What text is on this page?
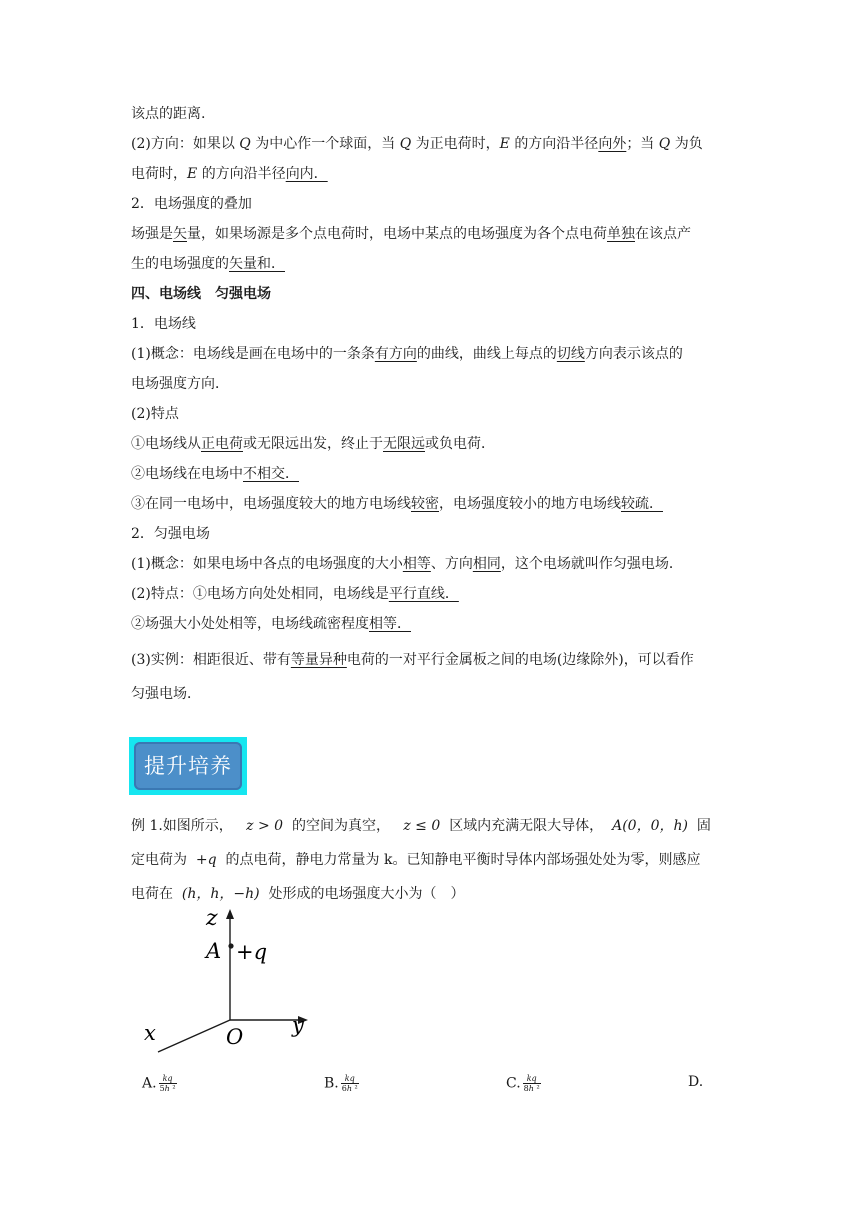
该点的距离.
(2)方向：如果以 Q 为中心作一个球面，当 Q 为正电荷时，E 的方向沿半径向外；当 Q 为负
电荷时，E 的方向沿半径向内．
2．电场强度的叠加
场强是矢量，如果场源是多个点电荷时，电场中某点的电场强度为各个点电荷单独在该点产
生的电场强度的矢量和．
四、电场线　匀强电场
1．电场线
(1)概念：电场线是画在电场中的一条条有方向的曲线，曲线上每点的切线方向表示该点的
电场强度方向．
(2)特点
①电场线从正电荷或无限远出发，终止于无限远或负电荷．
②电场线在电场中不相交．
③在同一电场中，电场强度较大的地方电场线较密，电场强度较小的地方电场线较疏．
2．匀强电场
(1)概念：如果电场中各点的电场强度的大小相等、方向相同，这个电场就叫作匀强电场．
(2)特点：①电场方向处处相同，电场线是平行直线．
②场强大小处处相等，电场线疏密程度相等．
(3)实例：相距很近、带有等量异种电荷的一对平行金属板之间的电场(边缘除外)，可以看作
匀强电场．
提升培养
例 1.如图所示， z > 0 的空间为真空， z ≤ 0 区域内充满无限大导体， A(0，0，ℎ) 固
定电荷为 +q 的点电荷，静电力常量为 k。已知静电平衡时导体内部场强处处为零，则感应
电荷在 (ℎ，ℎ，−ℎ) 处形成的电场强度大小为（　）
z
A +q
O y
x
A. $\frac{kq}{\text{5ℎ ²}}$	B. $\frac{kq}{\text{6ℎ ²}}$	C. $\frac{kq}{\text{8ℎ ²}}$	D.
